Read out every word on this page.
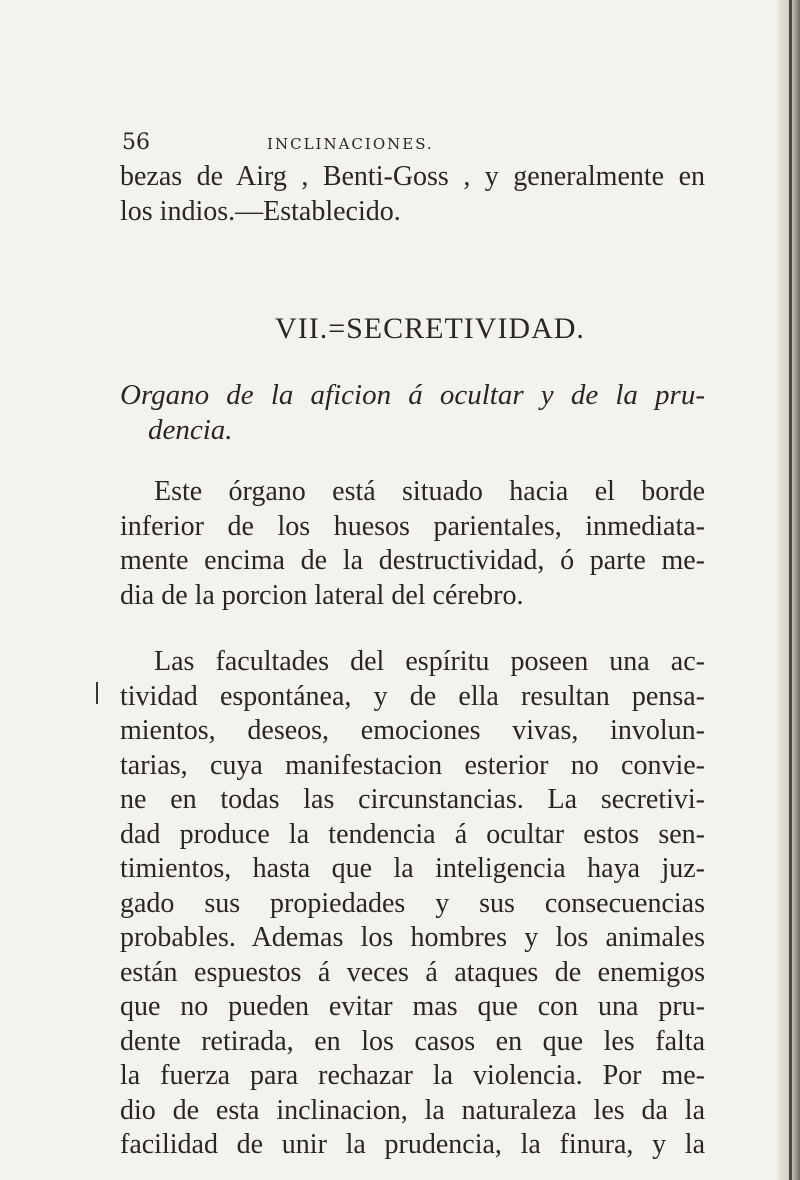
56	INCLINACIONES.
bezas de Airg , Benti-Goss , y generalmente en
los indios.—Establecido.
VII.=SECRETIVIDAD.
Organo de la aficion á ocultar y de la pru-
dencia.
Este órgano está situado hacia el borde
inferior de los huesos parientales, inmediata-
mente encima de la destructividad, ó parte me-
dia de la porcion lateral del cérebro.
Las facultades del espíritu poseen una ac-
tividad espontánea, y de ella resultan pensa-
mientos, deseos, emociones vivas, involun-
tarias, cuya manifestacion esterior no convie-
ne en todas las circunstancias. La secretivi-
dad produce la tendencia á ocultar estos sen-
timientos, hasta que la inteligencia haya juz-
gado sus propiedades y sus consecuencias
probables. Ademas los hombres y los animales
están espuestos á veces á ataques de enemigos
que no pueden evitar mas que con una pru-
dente retirada, en los casos en que les falta
la fuerza para rechazar la violencia. Por me-
dio de esta inclinacion, la naturaleza les da la
facilidad de unir la prudencia, la finura, y la
